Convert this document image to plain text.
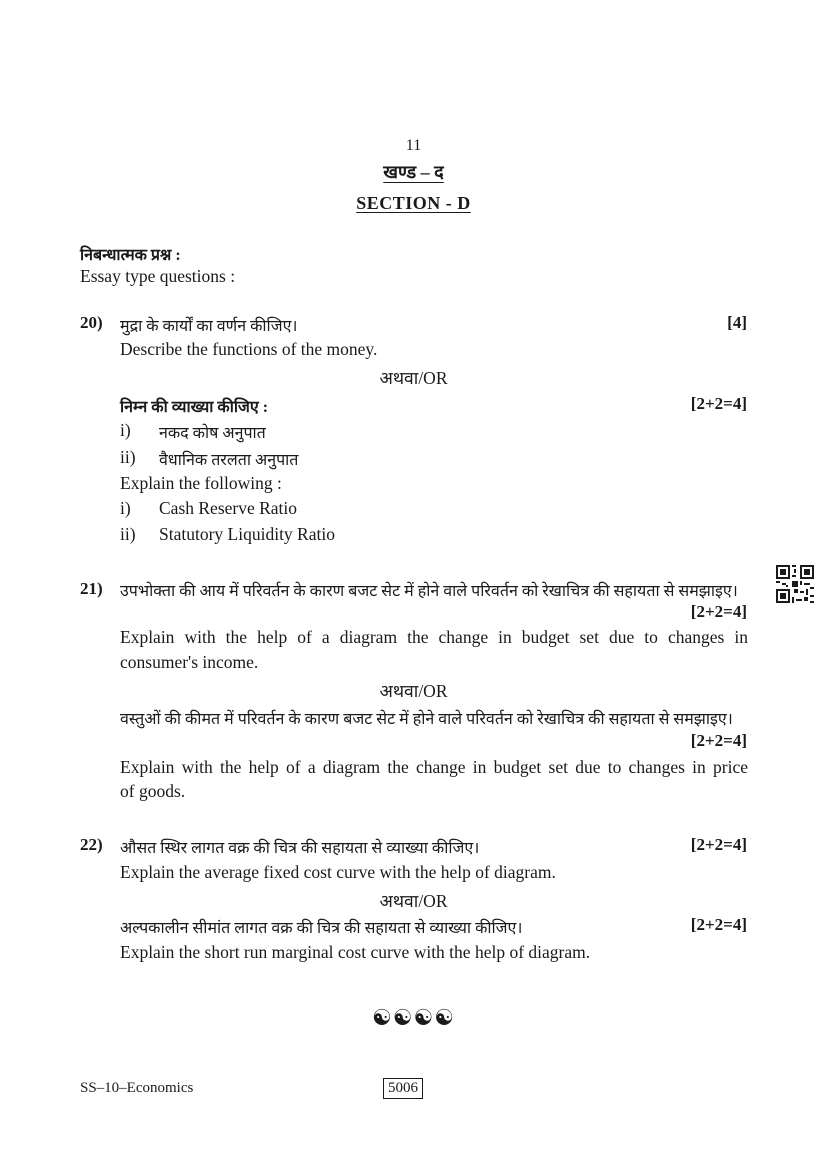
11
खण्ड – द
SECTION - D
निबन्धात्मक प्रश्न :
Essay type questions :
20) मुद्रा के कार्यों का वर्णन कीजिए।	[4]
Describe the functions of the money.
अथवा/OR
निम्न की व्याख्या कीजिए :	[2+2=4]
i) नकद कोष अनुपात
ii) वैधानिक तरलता अनुपात
Explain the following :
i) Cash Reserve Ratio
ii) Statutory Liquidity Ratio
21) उपभोक्ता की आय में परिवर्तन के कारण बजट सेट में होने वाले परिवर्तन को रेखाचित्र की सहायता से समझाइए।
[2+2=4]
Explain with the help of a diagram the change in budget set due to changes in
consumer's income.
अथवा/OR
वस्तुओं की कीमत में परिवर्तन के कारण बजट सेट में होने वाले परिवर्तन को रेखाचित्र की सहायता से समझाइए।
[2+2=4]
Explain with the help of a diagram the change in budget set due to changes in price
of goods.
22) औसत स्थिर लागत वक्र की चित्र की सहायता से व्याख्या कीजिए।	[2+2=4]
Explain the average fixed cost curve with the help of diagram.
अथवा/OR
अल्पकालीन सीमांत लागत वक्र की चित्र की सहायता से व्याख्या कीजिए।	[2+2=4]
Explain the short run marginal cost curve with the help of diagram.
☯☯☯☯
SS–10–Economics	5006
